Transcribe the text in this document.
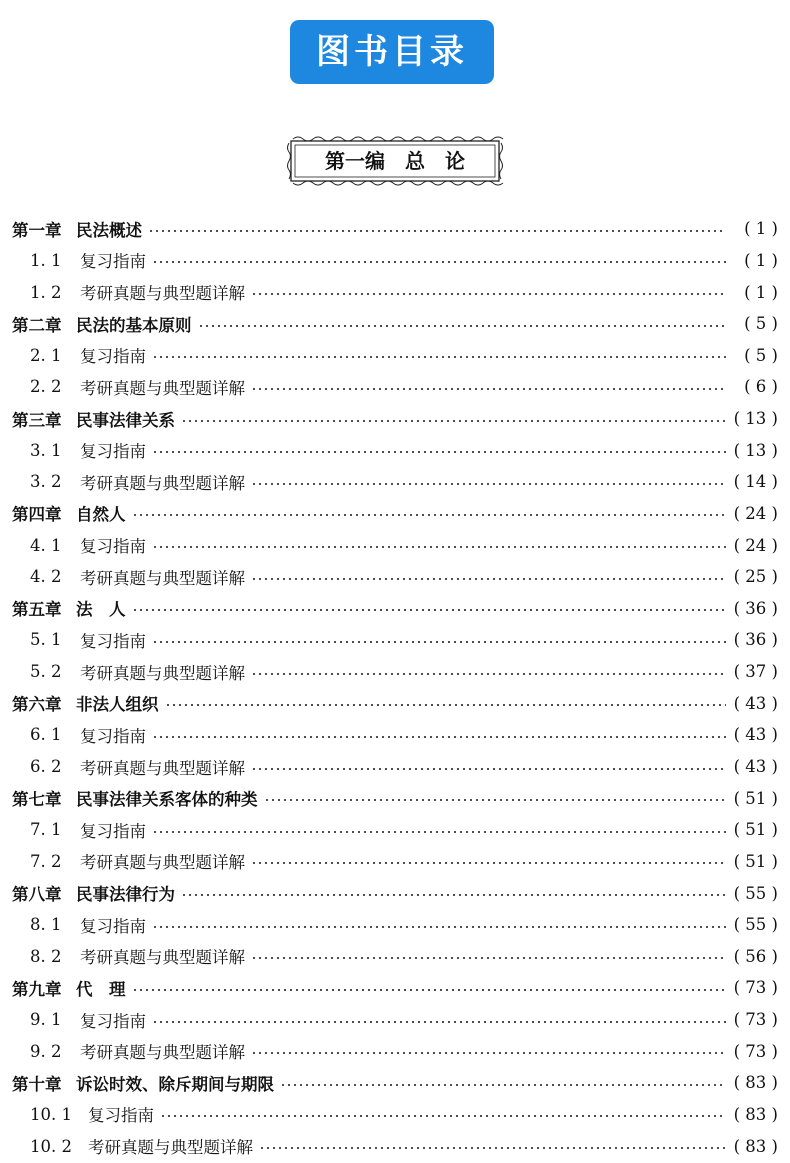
图书目录
第一编　总　论
第一章 民法概述	( 1 )
1. 1	复习指南	( 1 )
1. 2	考研真题与典型题详解	( 1 )
第二章 民法的基本原则	( 5 )
2. 1	复习指南	( 5 )
2. 2	考研真题与典型题详解	( 6 )
第三章 民事法律关系	( 13 )
3. 1	复习指南	( 13 )
3. 2	考研真题与典型题详解	( 14 )
第四章 自然人	( 24 )
4. 1	复习指南	( 24 )
4. 2	考研真题与典型题详解	( 25 )
第五章 法　人	( 36 )
5. 1	复习指南	( 36 )
5. 2	考研真题与典型题详解	( 37 )
第六章 非法人组织	( 43 )
6. 1	复习指南	( 43 )
6. 2	考研真题与典型题详解	( 43 )
第七章 民事法律关系客体的种类	( 51 )
7. 1	复习指南	( 51 )
7. 2	考研真题与典型题详解	( 51 )
第八章 民事法律行为	( 55 )
8. 1	复习指南	( 55 )
8. 2	考研真题与典型题详解	( 56 )
第九章 代　理	( 73 )
9. 1	复习指南	( 73 )
9. 2	考研真题与典型题详解	( 73 )
第十章 诉讼时效、除斥期间与期限	( 83 )
10. 1 复习指南	( 83 )
10. 2 考研真题与典型题详解	( 83 )
